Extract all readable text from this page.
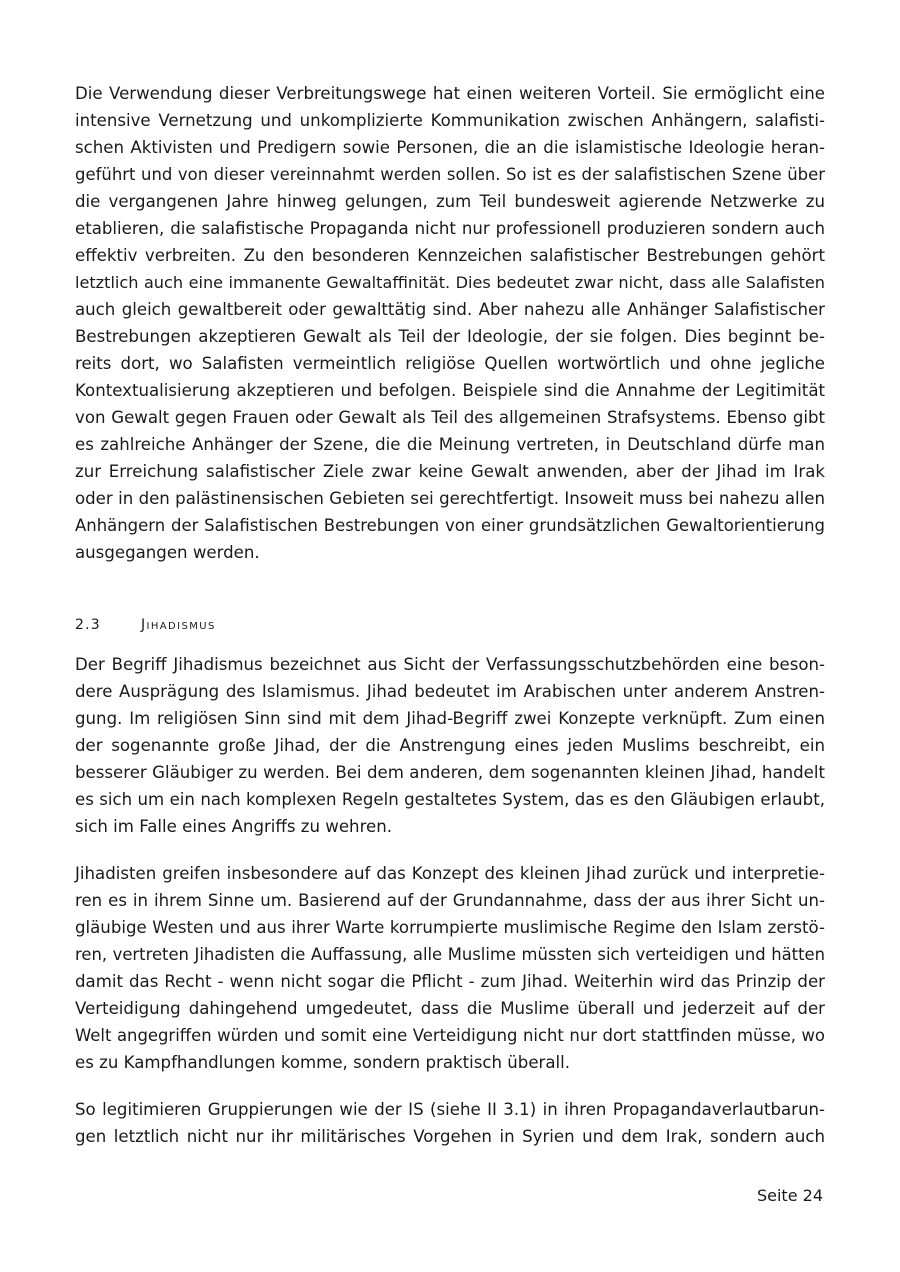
Die Verwendung dieser Verbreitungswege hat einen weiteren Vorteil. Sie ermöglicht eine
intensive Vernetzung und unkomplizierte Kommunikation zwischen Anhängern, salafisti-
schen Aktivisten und Predigern sowie Personen, die an die islamistische Ideologie heran-
geführt und von dieser vereinnahmt werden sollen. So ist es der salafistischen Szene über
die vergangenen Jahre hinweg gelungen, zum Teil bundesweit agierende Netzwerke zu
etablieren, die salafistische Propaganda nicht nur professionell produzieren sondern auch
effektiv verbreiten. Zu den besonderen Kennzeichen salafistischer Bestrebungen gehört
letztlich auch eine immanente Gewaltaffinität. Dies bedeutet zwar nicht, dass alle Salafisten
auch gleich gewaltbereit oder gewalttätig sind. Aber nahezu alle Anhänger Salafistischer
Bestrebungen akzeptieren Gewalt als Teil der Ideologie, der sie folgen. Dies beginnt be-
reits dort, wo Salafisten vermeintlich religiöse Quellen wortwörtlich und ohne jegliche
Kontextualisierung akzeptieren und befolgen. Beispiele sind die Annahme der Legitimität
von Gewalt gegen Frauen oder Gewalt als Teil des allgemeinen Strafsystems. Ebenso gibt
es zahlreiche Anhänger der Szene, die die Meinung vertreten, in Deutschland dürfe man
zur Erreichung salafistischer Ziele zwar keine Gewalt anwenden, aber der Jihad im Irak
oder in den palästinensischen Gebieten sei gerechtfertigt. Insoweit muss bei nahezu allen
Anhängern der Salafistischen Bestrebungen von einer grundsätzlichen Gewaltorientierung
ausgegangen werden.
2.3	Jihadismus
Der Begriff Jihadismus bezeichnet aus Sicht der Verfassungsschutzbehörden eine beson-
dere Ausprägung des Islamismus. Jihad bedeutet im Arabischen unter anderem Anstren-
gung. Im religiösen Sinn sind mit dem Jihad-Begriff zwei Konzepte verknüpft. Zum einen
der sogenannte große Jihad, der die Anstrengung eines jeden Muslims beschreibt, ein
besserer Gläubiger zu werden. Bei dem anderen, dem sogenannten kleinen Jihad, handelt
es sich um ein nach komplexen Regeln gestaltetes System, das es den Gläubigen erlaubt,
sich im Falle eines Angriffs zu wehren.
Jihadisten greifen insbesondere auf das Konzept des kleinen Jihad zurück und interpretie-
ren es in ihrem Sinne um. Basierend auf der Grundannahme, dass der aus ihrer Sicht un-
gläubige Westen und aus ihrer Warte korrumpierte muslimische Regime den Islam zerstö-
ren, vertreten Jihadisten die Auffassung, alle Muslime müssten sich verteidigen und hätten
damit das Recht - wenn nicht sogar die Pflicht - zum Jihad. Weiterhin wird das Prinzip der
Verteidigung dahingehend umgedeutet, dass die Muslime überall und jederzeit auf der
Welt angegriffen würden und somit eine Verteidigung nicht nur dort stattfinden müsse, wo
es zu Kampfhandlungen komme, sondern praktisch überall.
So legitimieren Gruppierungen wie der IS (siehe II 3.1) in ihren Propagandaverlautbarun-
gen letztlich nicht nur ihr militärisches Vorgehen in Syrien und dem Irak, sondern auch
Seite 24
